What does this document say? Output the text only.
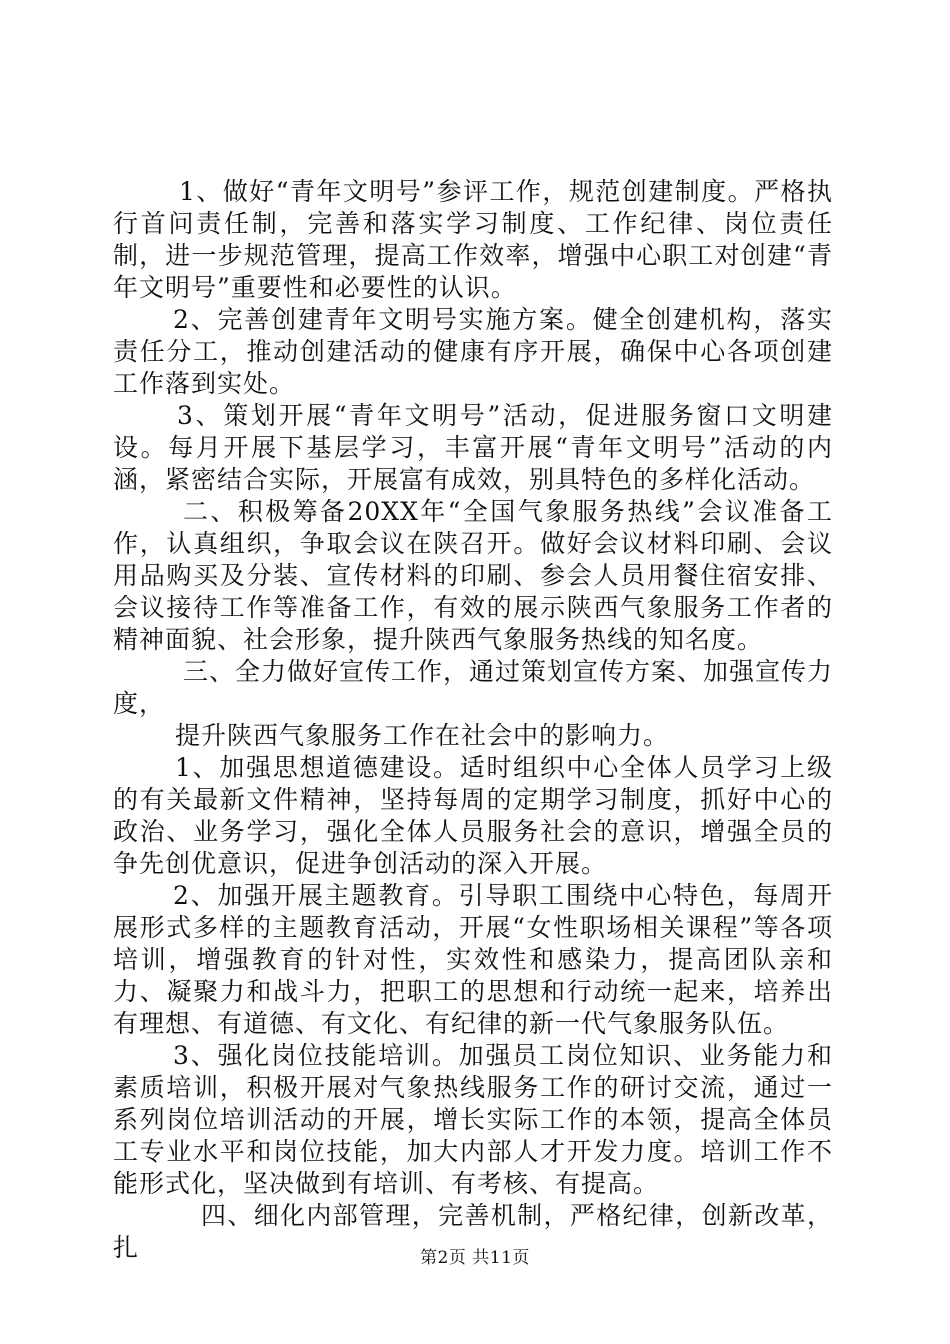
1、做好“青年文明号”参评工作，规范创建制度。严格执行首问责任制，完善和落实学习制度、工作纪律、岗位责任制，进一步规范管理，提高工作效率，增强中心职工对创建“青年文明号”重要性和必要性的认识。

2、完善创建青年文明号实施方案。健全创建机构，落实责任分工，推动创建活动的健康有序开展，确保中心各项创建工作落到实处。

3、策划开展“青年文明号”活动，促进服务窗口文明建设。每月开展下基层学习，丰富开展“青年文明号”活动的内涵，紧密结合实际，开展富有成效，别具特色的多样化活动。

二、积极筹备20XX年“全国气象服务热线”会议准备工作，认真组织，争取会议在陕召开。做好会议材料印刷、会议用品购买及分装、宣传材料的印刷、参会人员用餐住宿安排、会议接待工作等准备工作，有效的展示陕西气象服务工作者的精神面貌、社会形象，提升陕西气象服务热线的知名度。

三、全力做好宣传工作，通过策划宣传方案、加强宣传力度，

提升陕西气象服务工作在社会中的影响力。

1、加强思想道德建设。适时组织中心全体人员学习上级的有关最新文件精神，坚持每周的定期学习制度，抓好中心的政治、业务学习，强化全体人员服务社会的意识，增强全员的争先创优意识，促进争创活动的深入开展。

2、加强开展主题教育。引导职工围绕中心特色，每周开展形式多样的主题教育活动，开展“女性职场相关课程”等各项培训，增强教育的针对性，实效性和感染力，提高团队亲和力、凝聚力和战斗力，把职工的思想和行动统一起来，培养出有理想、有道德、有文化、有纪律的新一代气象服务队伍。

3、强化岗位技能培训。加强员工岗位知识、业务能力和素质培训，积极开展对气象热线服务工作的研讨交流，通过一系列岗位培训活动的开展，增长实际工作的本领，提高全体员工专业水平和岗位技能，加大内部人才开发力度。培训工作不能形式化，坚决做到有培训、有考核、有提高。

四、细化内部管理，完善机制，严格纪律，创新改革，扎	第2页 共11页
